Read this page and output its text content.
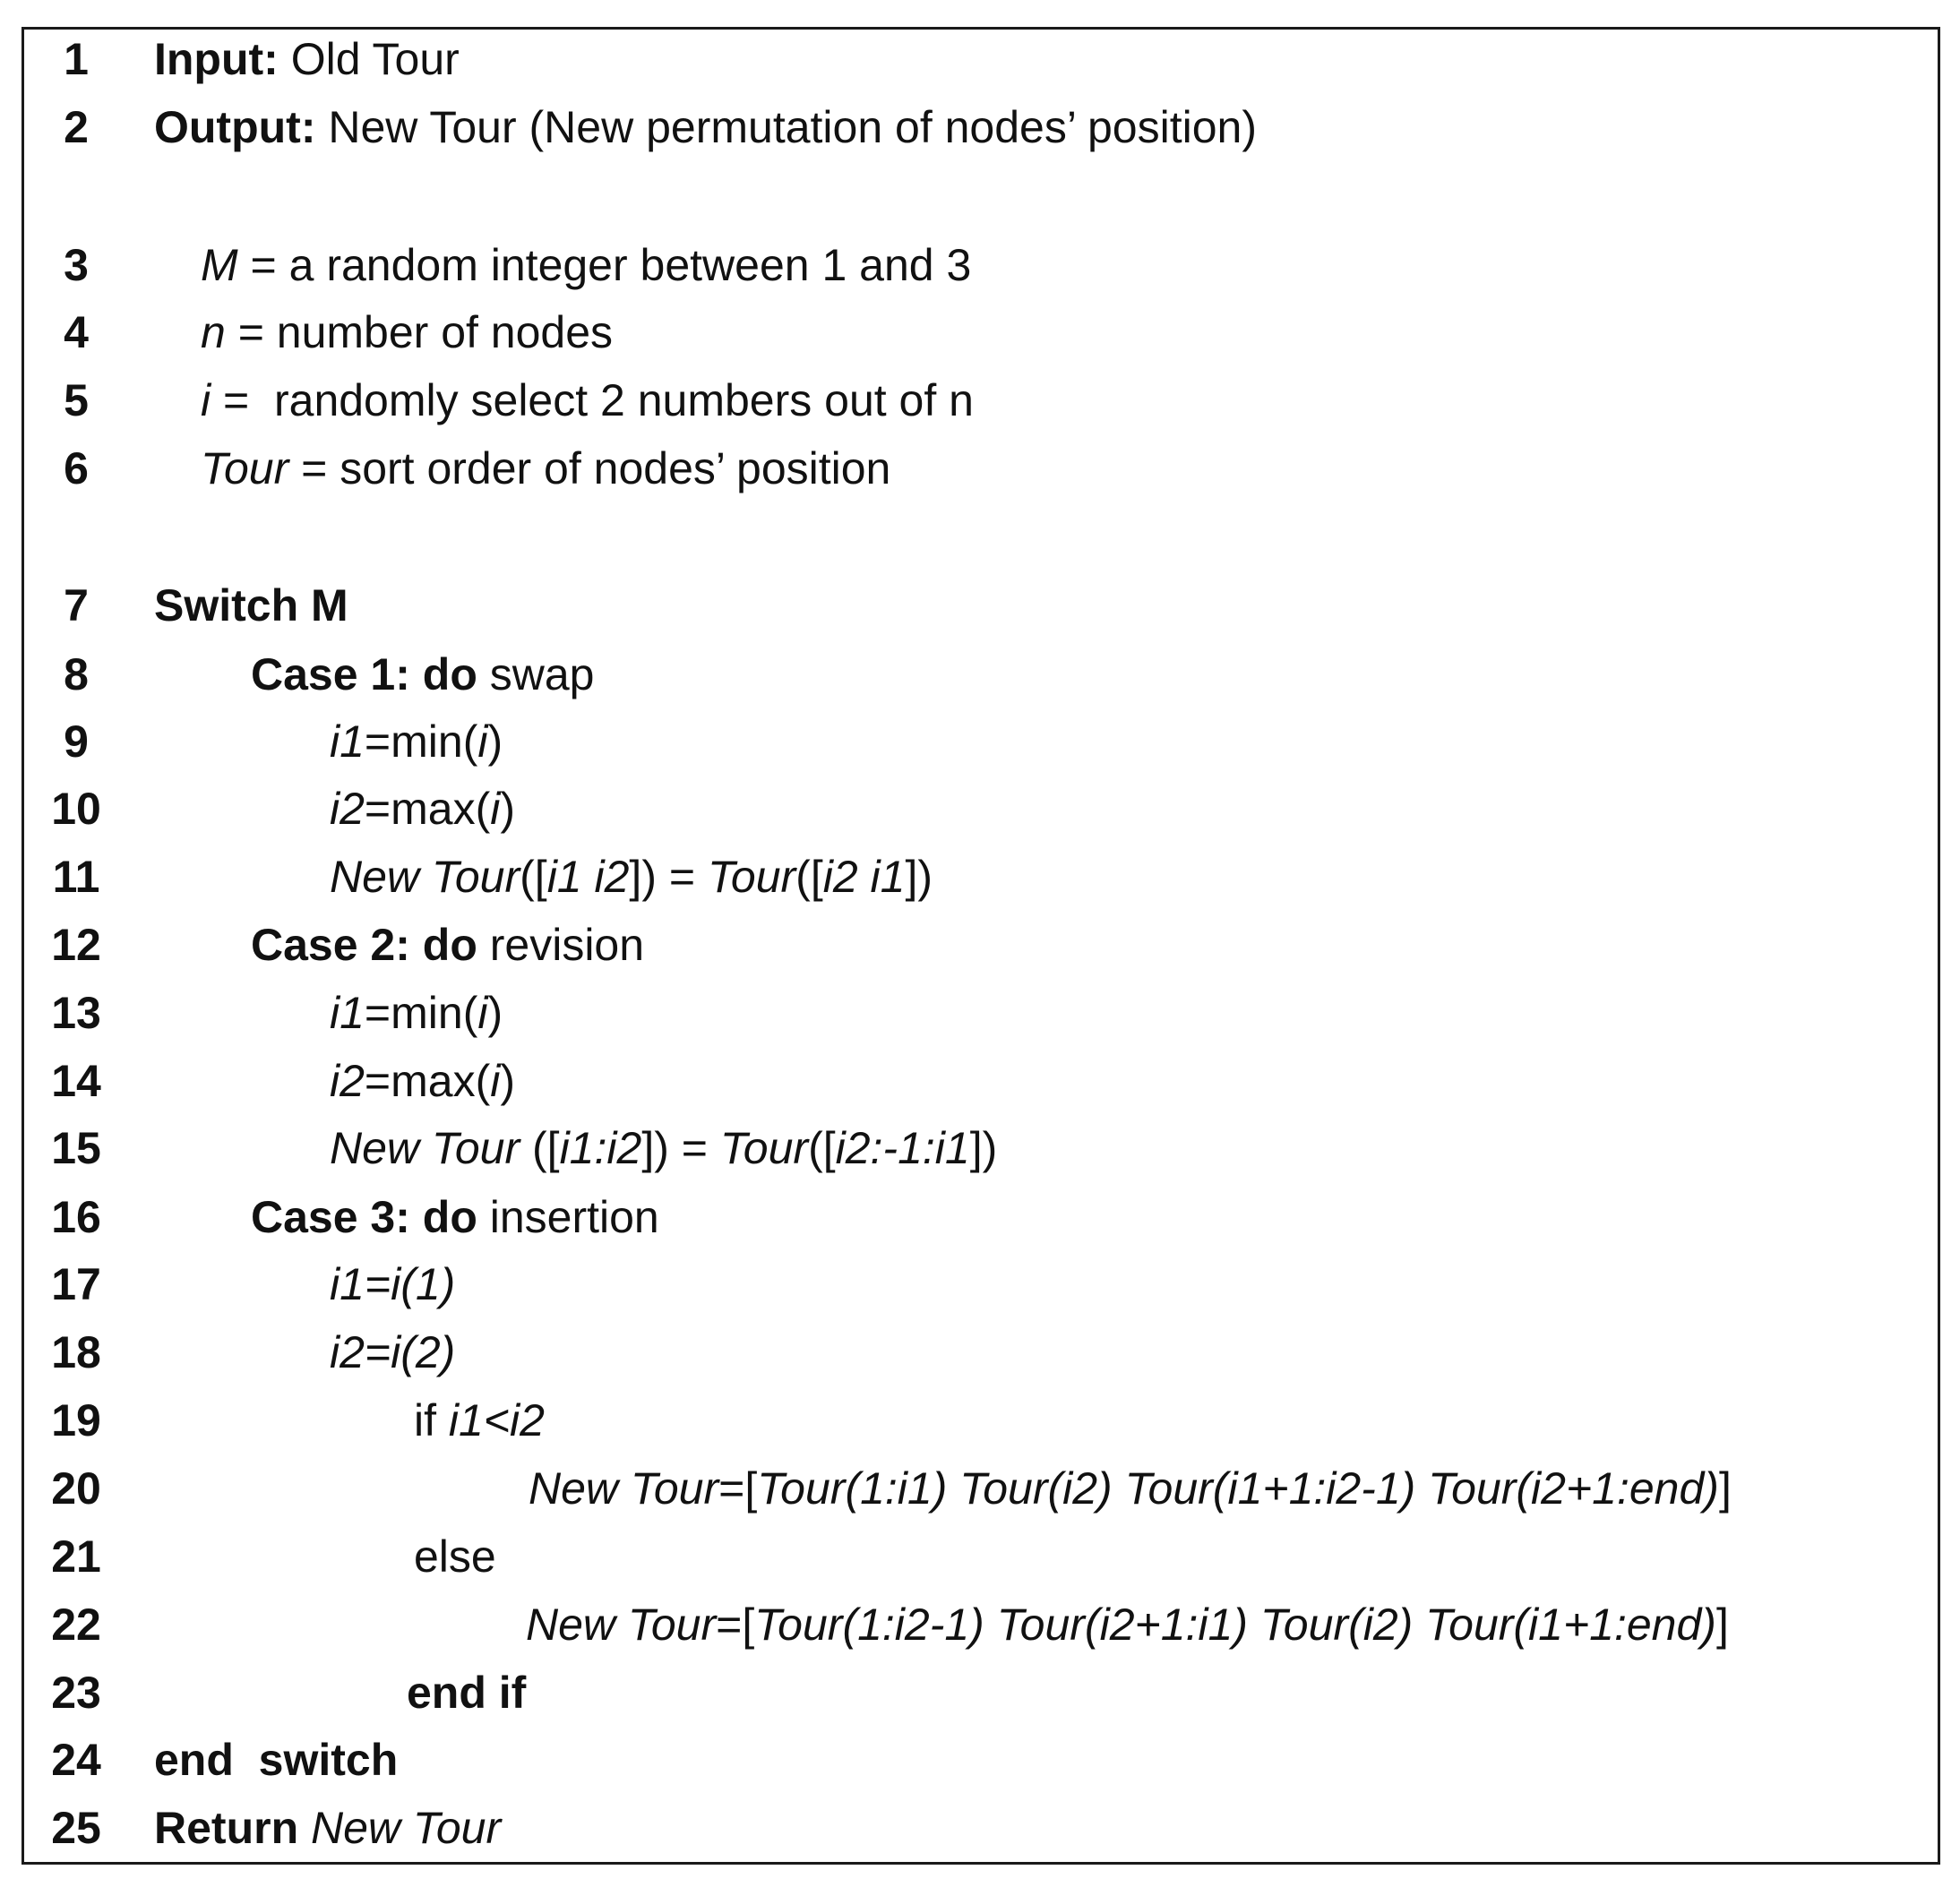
1	Input: Old Tour
2	Output: New Tour (New permutation of nodes’ position)
3	M = a random integer between 1 and 3
4	n = number of nodes
5	i =  randomly select 2 numbers out of n
6	Tour = sort order of nodes’ position
7	Switch M
8	Case 1: do swap
9	i1=min(i)
10	i2=max(i)
11	New Tour([i1 i2]) = Tour([i2 i1])
12	Case 2: do revision
13	i1=min(i)
14	i2=max(i)
15	New Tour ([i1:i2]) = Tour([i2:-1:i1])
16	Case 3: do insertion
17	i1=i(1)
18	i2=i(2)
19	if i1<i2
20	New Tour=[Tour(1:i1) Tour(i2) Tour(i1+1:i2-1) Tour(i2+1:end)]
21	else
22	New Tour=[Tour(1:i2-1) Tour(i2+1:i1) Tour(i2) Tour(i1+1:end)]
23	end if
24	end  switch
25	Return New Tour
